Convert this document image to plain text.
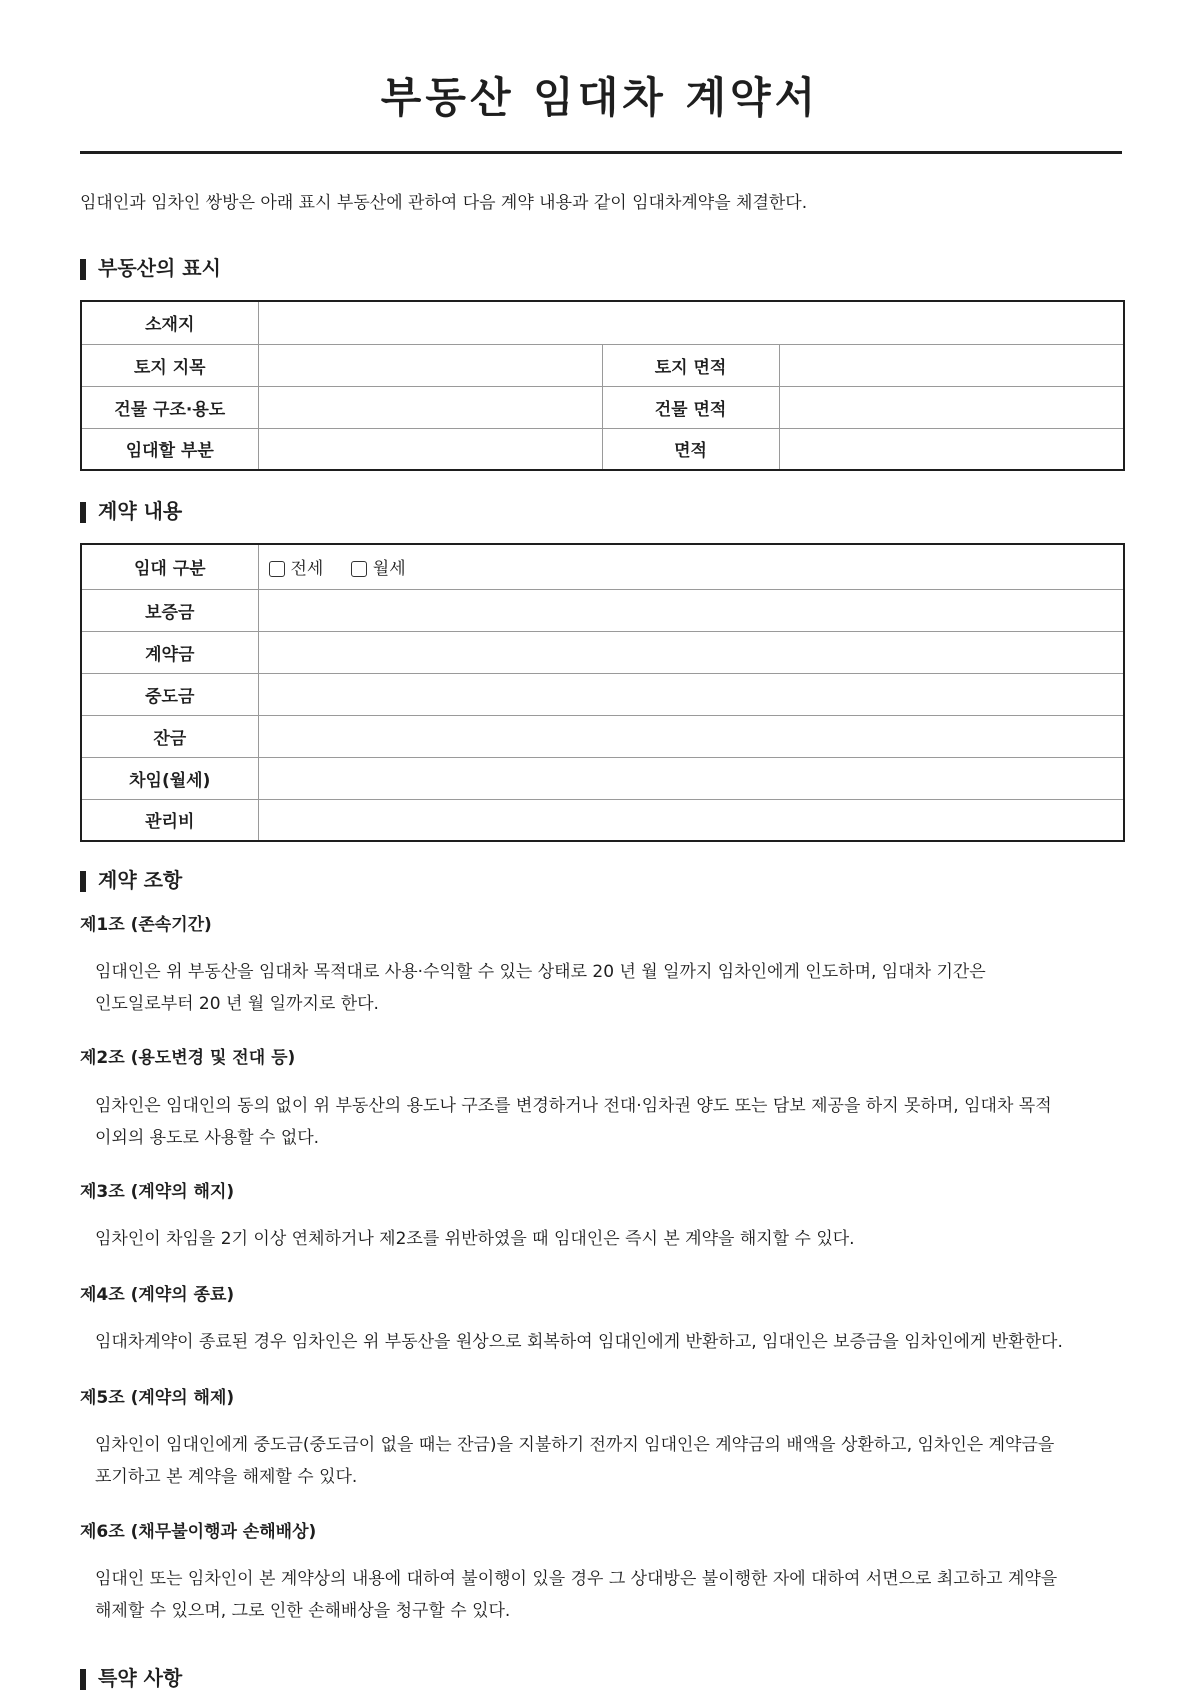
부동산 임대차 계약서

임대인과 임차인 쌍방은 아래 표시 부동산에 관하여 다음 계약 내용과 같이 임대차계약을 체결한다.

부동산의 표시
소재지			
토지 지목		토지 면적	
건물 구조·용도		건물 면적	
임대할 부분		면적	
계약 내용
임대 구분	전세 월세
보증금	
계약금	
중도금	
잔금	
차임(월세)	
관리비	
계약 조항
제1조 (존속기간)
임대인은 위 부동산을 임대차 목적대로 사용·수익할 수 있는 상태로 20 년 월 일까지 임차인에게 인도하며, 임대차 기간은
인도일로부터 20 년 월 일까지로 한다.
제2조 (용도변경 및 전대 등)
임차인은 임대인의 동의 없이 위 부동산의 용도나 구조를 변경하거나 전대·임차권 양도 또는 담보 제공을 하지 못하며, 임대차 목적
이외의 용도로 사용할 수 없다.
제3조 (계약의 해지)
임차인이 차임을 2기 이상 연체하거나 제2조를 위반하였을 때 임대인은 즉시 본 계약을 해지할 수 있다.
제4조 (계약의 종료)
임대차계약이 종료된 경우 임차인은 위 부동산을 원상으로 회복하여 임대인에게 반환하고, 임대인은 보증금을 임차인에게 반환한다.
제5조 (계약의 해제)
임차인이 임대인에게 중도금(중도금이 없을 때는 잔금)을 지불하기 전까지 임대인은 계약금의 배액을 상환하고, 임차인은 계약금을
포기하고 본 계약을 해제할 수 있다.
제6조 (채무불이행과 손해배상)
임대인 또는 임차인이 본 계약상의 내용에 대하여 불이행이 있을 경우 그 상대방은 불이행한 자에 대하여 서면으로 최고하고 계약을
해제할 수 있으며, 그로 인한 손해배상을 청구할 수 있다.
특약 사항
